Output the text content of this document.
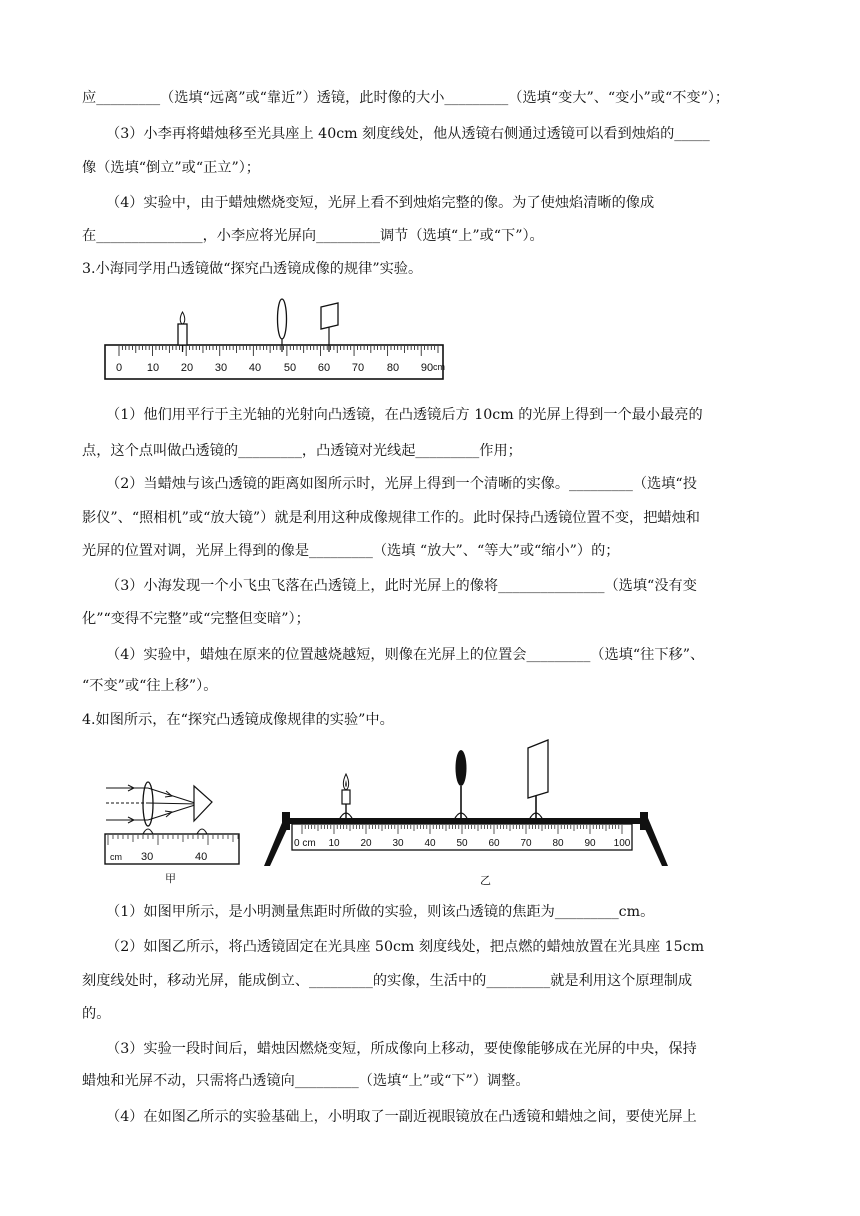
应_________（选填“远离”或“靠近”）透镜，此时像的大小_________（选填“变大”、“变小”或“不变”）；
（3）小李再将蜡烛移至光具座上 40cm 刻度线处，他从透镜右侧通过透镜可以看到烛焰的_____
像（选填“倒立”或“正立”）；
（4）实验中，由于蜡烛燃烧变短，光屏上看不到烛焰完整的像。为了使烛焰清晰的像成
在_______________，小李应将光屏向_________调节（选填“上”或“下”）。
3.小海同学用凸透镜做“探究凸透镜成像的规律”实验。
0 10 20 30 40 50 60 70 80 90 cm
（1）他们用平行于主光轴的光射向凸透镜，在凸透镜后方 10cm 的光屏上得到一个最小最亮的
点，这个点叫做凸透镜的_________，凸透镜对光线起_________作用；
（2）当蜡烛与该凸透镜的距离如图所示时，光屏上得到一个清晰的实像。_________（选填“投
影仪”、“照相机”或“放大镜”）就是利用这种成像规律工作的。此时保持凸透镜位置不变，把蜡烛和
光屏的位置对调，光屏上得到的像是_________（选填 “放大”、“等大”或“缩小”）的；
（3）小海发现一个小飞虫飞落在凸透镜上，此时光屏上的像将_______________（选填“没有变
化”“变得不完整”或“完整但变暗”）；
（4）实验中，蜡烛在原来的位置越烧越短，则像在光屏上的位置会_________（选填“往下移”、
“不变”或“往上移”）。
4.如图所示，在“探究凸透镜成像规律的实验”中。
cm 30	40
甲
0 cm 10 20 30 40 50 60 70 80 90 100
乙
（1）如图甲所示，是小明测量焦距时所做的实验，则该凸透镜的焦距为_________cm。
（2）如图乙所示，将凸透镜固定在光具座 50cm 刻度线处，把点燃的蜡烛放置在光具座 15cm
刻度线处时，移动光屏，能成倒立、_________的实像，生活中的_________就是利用这个原理制成
的。
（3）实验一段时间后，蜡烛因燃烧变短，所成像向上移动，要使像能够成在光屏的中央，保持
蜡烛和光屏不动，只需将凸透镜向_________（选填“上”或“下”）调整。
（4）在如图乙所示的实验基础上，小明取了一副近视眼镜放在凸透镜和蜡烛之间，要使光屏上
